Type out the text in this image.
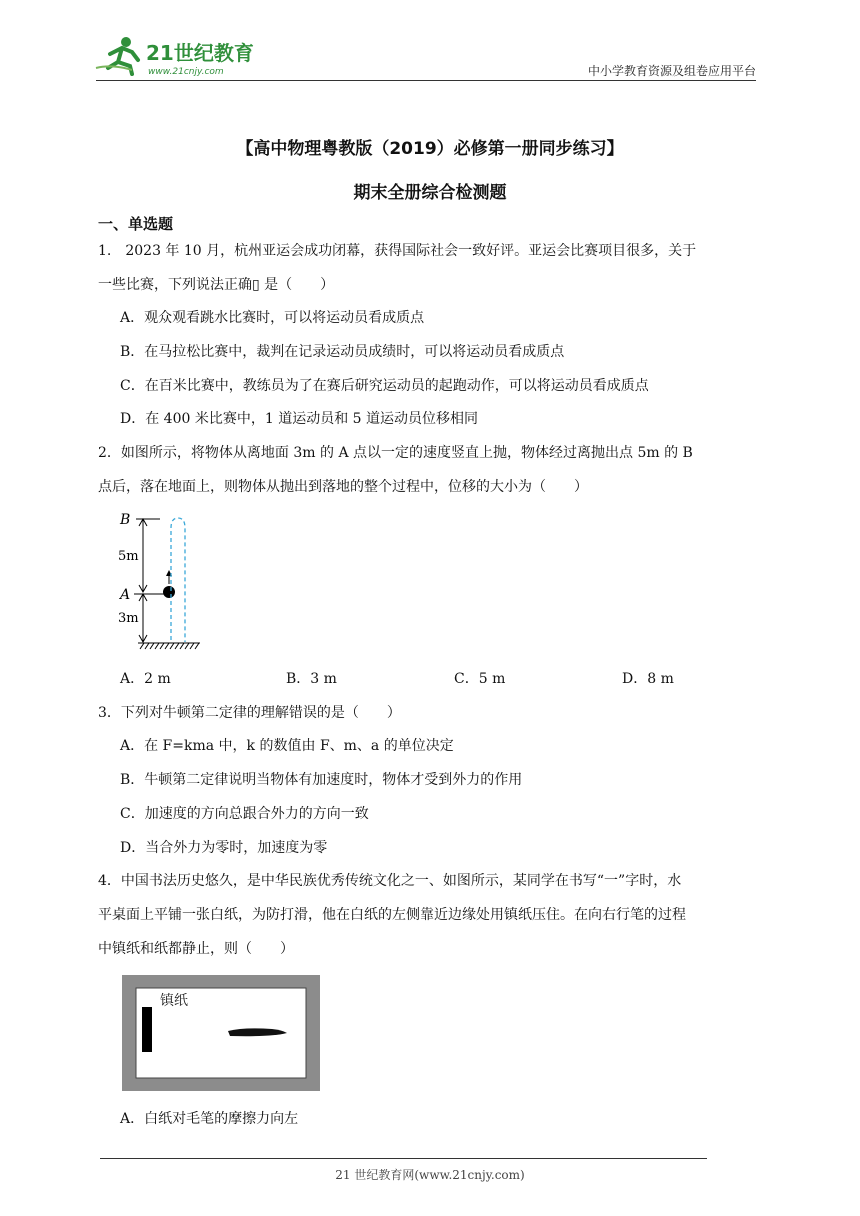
21世纪教育
www.21cnjy.com	中小学教育资源及组卷应用平台
【高中物理粤教版（2019）必修第一册同步练习】
期末全册综合检测题
一、单选题
1.　2023 年 10 月，杭州亚运会成功闭幕，获得国际社会一致好评。亚运会比赛项目很多，关于
一些比赛，下列说法正确▯ 是（　　）
A．观众观看跳水比赛时，可以将运动员看成质点
B．在马拉松比赛中，裁判在记录运动员成绩时，可以将运动员看成质点
C．在百米比赛中，教练员为了在赛后研究运动员的起跑动作，可以将运动员看成质点
D．在 400 米比赛中，1 道运动员和 5 道运动员位移相同
2．如图所示，将物体从离地面 3m 的 A 点以一定的速度竖直上抛，物体经过离抛出点 5m 的 B
点后，落在地面上，则物体从抛出到落地的整个过程中，位移的大小为（　　）
B
5m
A
3m
A．2 m	B．3 m	C．5 m	D．8 m
3．下列对牛顿第二定律的理解错误的是（　　）
A．在 F=kma 中，k 的数值由 F、m、a 的单位决定
B．牛顿第二定律说明当物体有加速度时，物体才受到外力的作用
C．加速度的方向总跟合外力的方向一致
D．当合外力为零时，加速度为零
4．中国书法历史悠久，是中华民族优秀传统文化之一、如图所示，某同学在书写“一”字时，水
平桌面上平铺一张白纸，为防打滑，他在白纸的左侧靠近边缘处用镇纸压住。在向右行笔的过程
中镇纸和纸都静止，则（　　）
镇纸
A．白纸对毛笔的摩擦力向左
21 世纪教育网(www.21cnjy.com)
